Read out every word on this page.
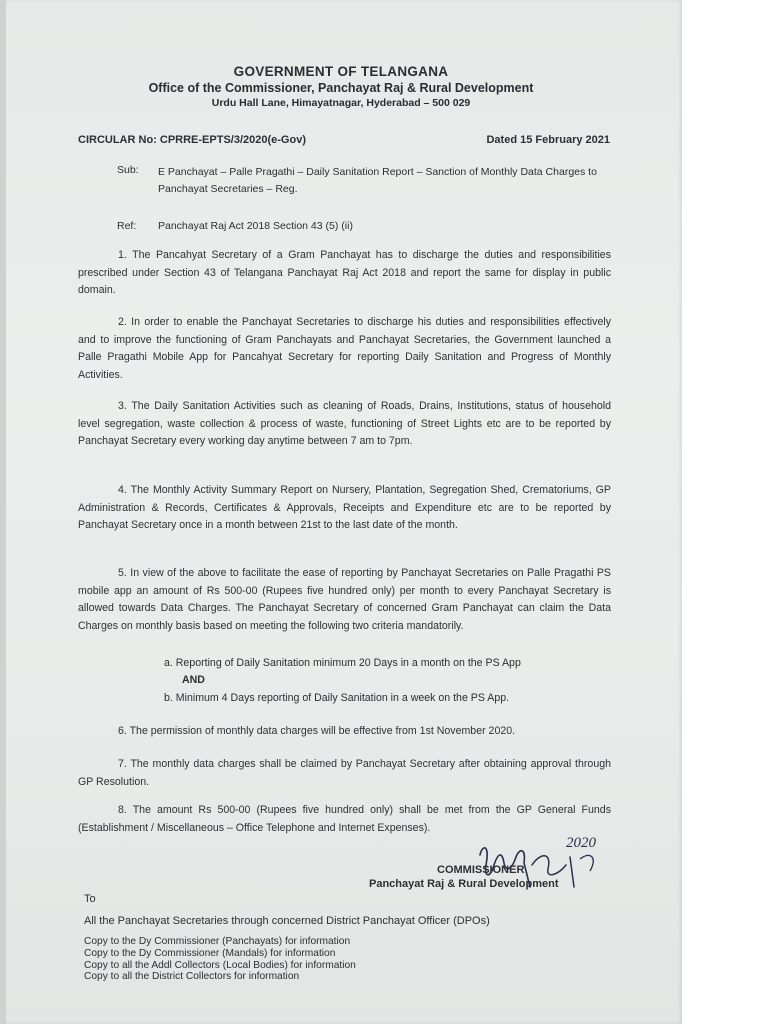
GOVERNMENT OF TELANGANA

Office of the Commissioner, Panchayat Raj & Rural Development

Urdu Hall Lane, Himayatnagar, Hyderabad – 500 029

CIRCULAR No: CPRRE-EPTS/3/2020(e-Gov)	Dated 15 February 2021
Sub: E Panchayat – Palle Pragathi – Daily Sanitation Report – Sanction of Monthly Data Charges to Panchayat Secretaries – Reg.
Ref: Panchayat Raj Act 2018 Section 43 (5) (ii)

1. The Pancahyat Secretary of a Gram Panchayat has to discharge the duties and responsibilities prescribed under Section 43 of Telangana Panchayat Raj Act 2018 and report the same for display in public domain.

2. In order to enable the Panchayat Secretaries to discharge his duties and responsibilities effectively and to improve the functioning of Gram Panchayats and Panchayat Secretaries, the Government launched a Palle Pragathi Mobile App for Pancahyat Secretary for reporting Daily Sanitation and Progress of Monthly Activities.

3. The Daily Sanitation Activities such as cleaning of Roads, Drains, Institutions, status of household level segregation, waste collection & process of waste, functioning of Street Lights etc are to be reported by Panchayat Secretary every working day anytime between 7 am to 7pm.

4. The Monthly Activity Summary Report on Nursery, Plantation, Segregation Shed, Crematoriums, GP Administration & Records, Certificates & Approvals, Receipts and Expenditure etc are to be reported by Panchayat Secretary once in a month between 21st to the last date of the month.

5. In view of the above to facilitate the ease of reporting by Panchayat Secretaries on Palle Pragathi PS mobile app an amount of Rs 500-00 (Rupees five hundred only) per month to every Panchayat Secretary is allowed towards Data Charges. The Panchayat Secretary of concerned Gram Panchayat can claim the Data Charges on monthly basis based on meeting the following two criteria mandatorily.

a. Reporting of Daily Sanitation minimum 20 Days in a month on the PS App
AND
b. Minimum 4 Days reporting of Daily Sanitation in a week on the PS App.

6. The permission of monthly data charges will be effective from 1st November 2020.

7. The monthly data charges shall be claimed by Panchayat Secretary after obtaining approval through GP Resolution.

8. The amount Rs 500-00 (Rupees five hundred only) shall be met from the GP General Funds (Establishment / Miscellaneous – Office Telephone and Internet Expenses).

2020
COMMISSIONER
Panchayat Raj & Rural Development
To
All the Panchayat Secretaries through concerned District Panchayat Officer (DPOs)
Copy to the Dy Commissioner (Panchayats) for information
Copy to the Dy Commissioner (Mandals) for information
Copy to all the Addl Collectors (Local Bodies) for information
Copy to all the District Collectors for information
